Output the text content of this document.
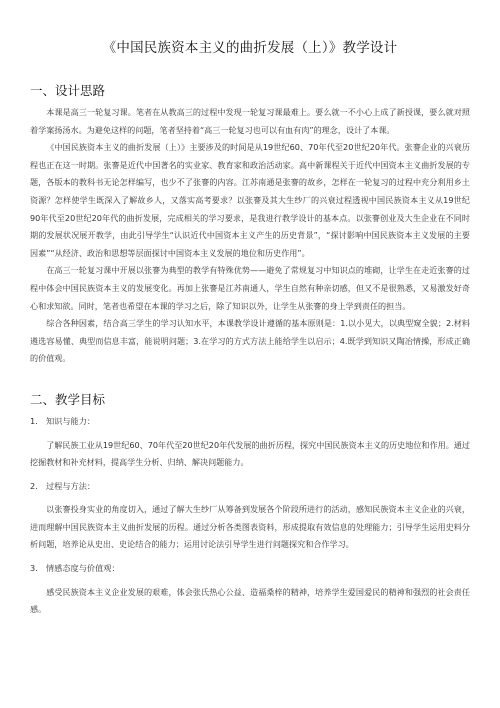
《中国民族资本主义的曲折发展（上）》教学设计
一、设计思路

本课是高三一轮复习课。笔者在从教高三的过程中发现一轮复习课最难上。要么就一不小心上成了新授课，要么就对照着学案扬汤水。为避免这样的问题，笔者坚持着“高三一轮复习也可以有血有肉”的理念，设计了本课。

《中国民族资本主义的曲折发展（上）》主要涉及的时间是从19世纪60、70年代至20世纪20年代。张謇企业的兴衰历程也正在这一时期。张謇是近代中国著名的实业家、教育家和政治活动家。高中新课程关于近代中国资本主义曲折发展的专题，各版本的教科书无论怎样编写，也少不了张謇的内容。江苏南通是张謇的故乡，怎样在一轮复习的过程中充分利用乡土资源？怎样使学生既深入了解故乡人，又落实高考要求？以张謇及其大生纱厂的兴衰过程透视中国民族资本主义从19世纪90年代至20世纪20年代的曲折发展，完成相关的学习要求，是我进行教学设计的基本点。以张謇创业及大生企业在不同时期的发展状况展开教学，由此引导学生“认识近代中国资本主义产生的历史背景”，“探讨影响中国民族资本主义发展的主要因素”“从经济、政治和思想等层面探讨中国资本主义发展的地位和历史作用”。

在高三一轮复习课中开展以张謇为典型的教学有特殊优势——避免了常规复习中知识点的堆砌，让学生在走近张謇的过程中体会中国民族资本主义的发展变化。再加上张謇是江苏南通人，学生自然有种亲切感，但又不是很熟悉，又易激发好奇心和求知欲。同时，笔者也希望在本课的学习之后，除了知识以外，让学生从张謇的身上学到责任的担当。

综合各种因素，结合高三学生的学习认知水平，本课教学设计遵循的基本原则是：1.以小见大，以典型窥全貌；2.材料遴选容易懂、典型而信息丰富，能说明问题；3.在学习的方式方法上能给学生以启示；4.既学到知识又陶冶情操，形成正确的价值观。

二、教学目标
1.　知识与能力：

了解民族工业从19世纪60、70年代至20世纪20年代发展的曲折历程，探究中国民族资本主义的历史地位和作用。通过挖掘教材和补充材料，提高学生分析、归纳、解决问题能力。

2.　过程与方法：

以张謇投身实业的角度切入，通过了解大生纱厂从筹备到发展各个阶段所进行的活动，感知民族资本主义企业的兴衰，进而理解中国民族资本主义曲折发展的历程。通过分析各类图表资料，形成提取有效信息的处理能力；引导学生运用史料分析问题，培养论从史出、史论结合的能力；运用讨论法引导学生进行问题探究和合作学习。

3.　情感态度与价值观：

感受民族资本主义企业发展的艰难，体会张氏热心公益、造福桑梓的精神，培养学生爱国爱民的精神和强烈的社会责任感。
